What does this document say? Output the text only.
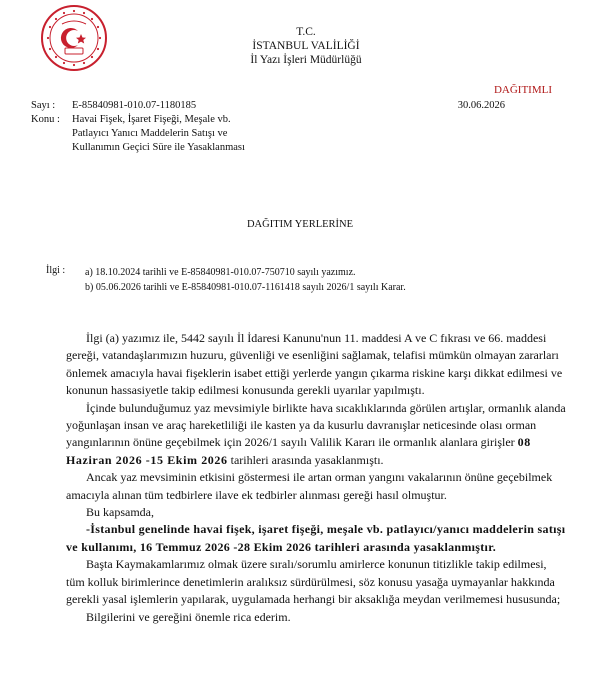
T.C.
İSTANBUL VALİLİĞİ
İl Yazı İşleri Müdürlüğü
DAĞITIMLI
Sayı : E-85840981-010.07-1180185	30.06.2026
Konu : Havai Fişek, İşaret Fişeği, Meşale vb.
Patlayıcı Yanıcı Maddelerin Satışı ve
Kullanımın Geçici Süre ile Yasaklanması
DAĞITIM YERLERİNE
İlgi : a) 18.10.2024 tarihli ve E-85840981-010.07-750710 sayılı yazımız.
b) 05.06.2026 tarihli ve E-85840981-010.07-1161418 sayılı 2026/1 sayılı Karar.

İlgi (a) yazımız ile, 5442 sayılı İl İdaresi Kanunu'nun 11. maddesi A ve C fıkrası ve 66. maddesi gereği, vatandaşlarımızın huzuru, güvenliği ve esenliğini sağlamak, telafisi mümkün olmayan zararları önlemek amacıyla havai fişeklerin isabet ettiği yerlerde yangın çıkarma riskine karşı dikkat edilmesi ve konunun hassasiyetle takip edilmesi konusunda gerekli uyarılar yapılmıştı.

İçinde bulunduğumuz yaz mevsimiyle birlikte hava sıcaklıklarında görülen artışlar, ormanlık alanda yoğunlaşan insan ve araç hareketliliği ile kasten ya da kusurlu davranışlar neticesinde olası orman yangınlarının önüne geçebilmek için 2026/1 sayılı Valilik Kararı ile ormanlık alanlara girişler 08 Haziran 2026 -15 Ekim 2026 tarihleri arasında yasaklanmıştı.

Ancak yaz mevsiminin etkisini göstermesi ile artan orman yangını vakalarının önüne geçebilmek amacıyla alınan tüm tedbirlere ilave ek tedbirler alınması gereği hasıl olmuştur.

Bu kapsamda,

-İstanbul genelinde havai fişek, işaret fişeği, meşale vb. patlayıcı/yanıcı maddelerin satışı ve kullanımı, 16 Temmuz 2026 -28 Ekim 2026 tarihleri arasında yasaklanmıştır.

Başta Kaymakamlarımız olmak üzere sıralı/sorumlu amirlerce konunun titizlikle takip edilmesi, tüm kolluk birimlerince denetimlerin aralıksız sürdürülmesi, söz konusu yasağa uymayanlar hakkında gerekli yasal işlemlerin yapılarak, uygulamada herhangi bir aksaklığa meydan verilmemesi hususunda;

Bilgilerini ve gereğini önemle rica ederim.
